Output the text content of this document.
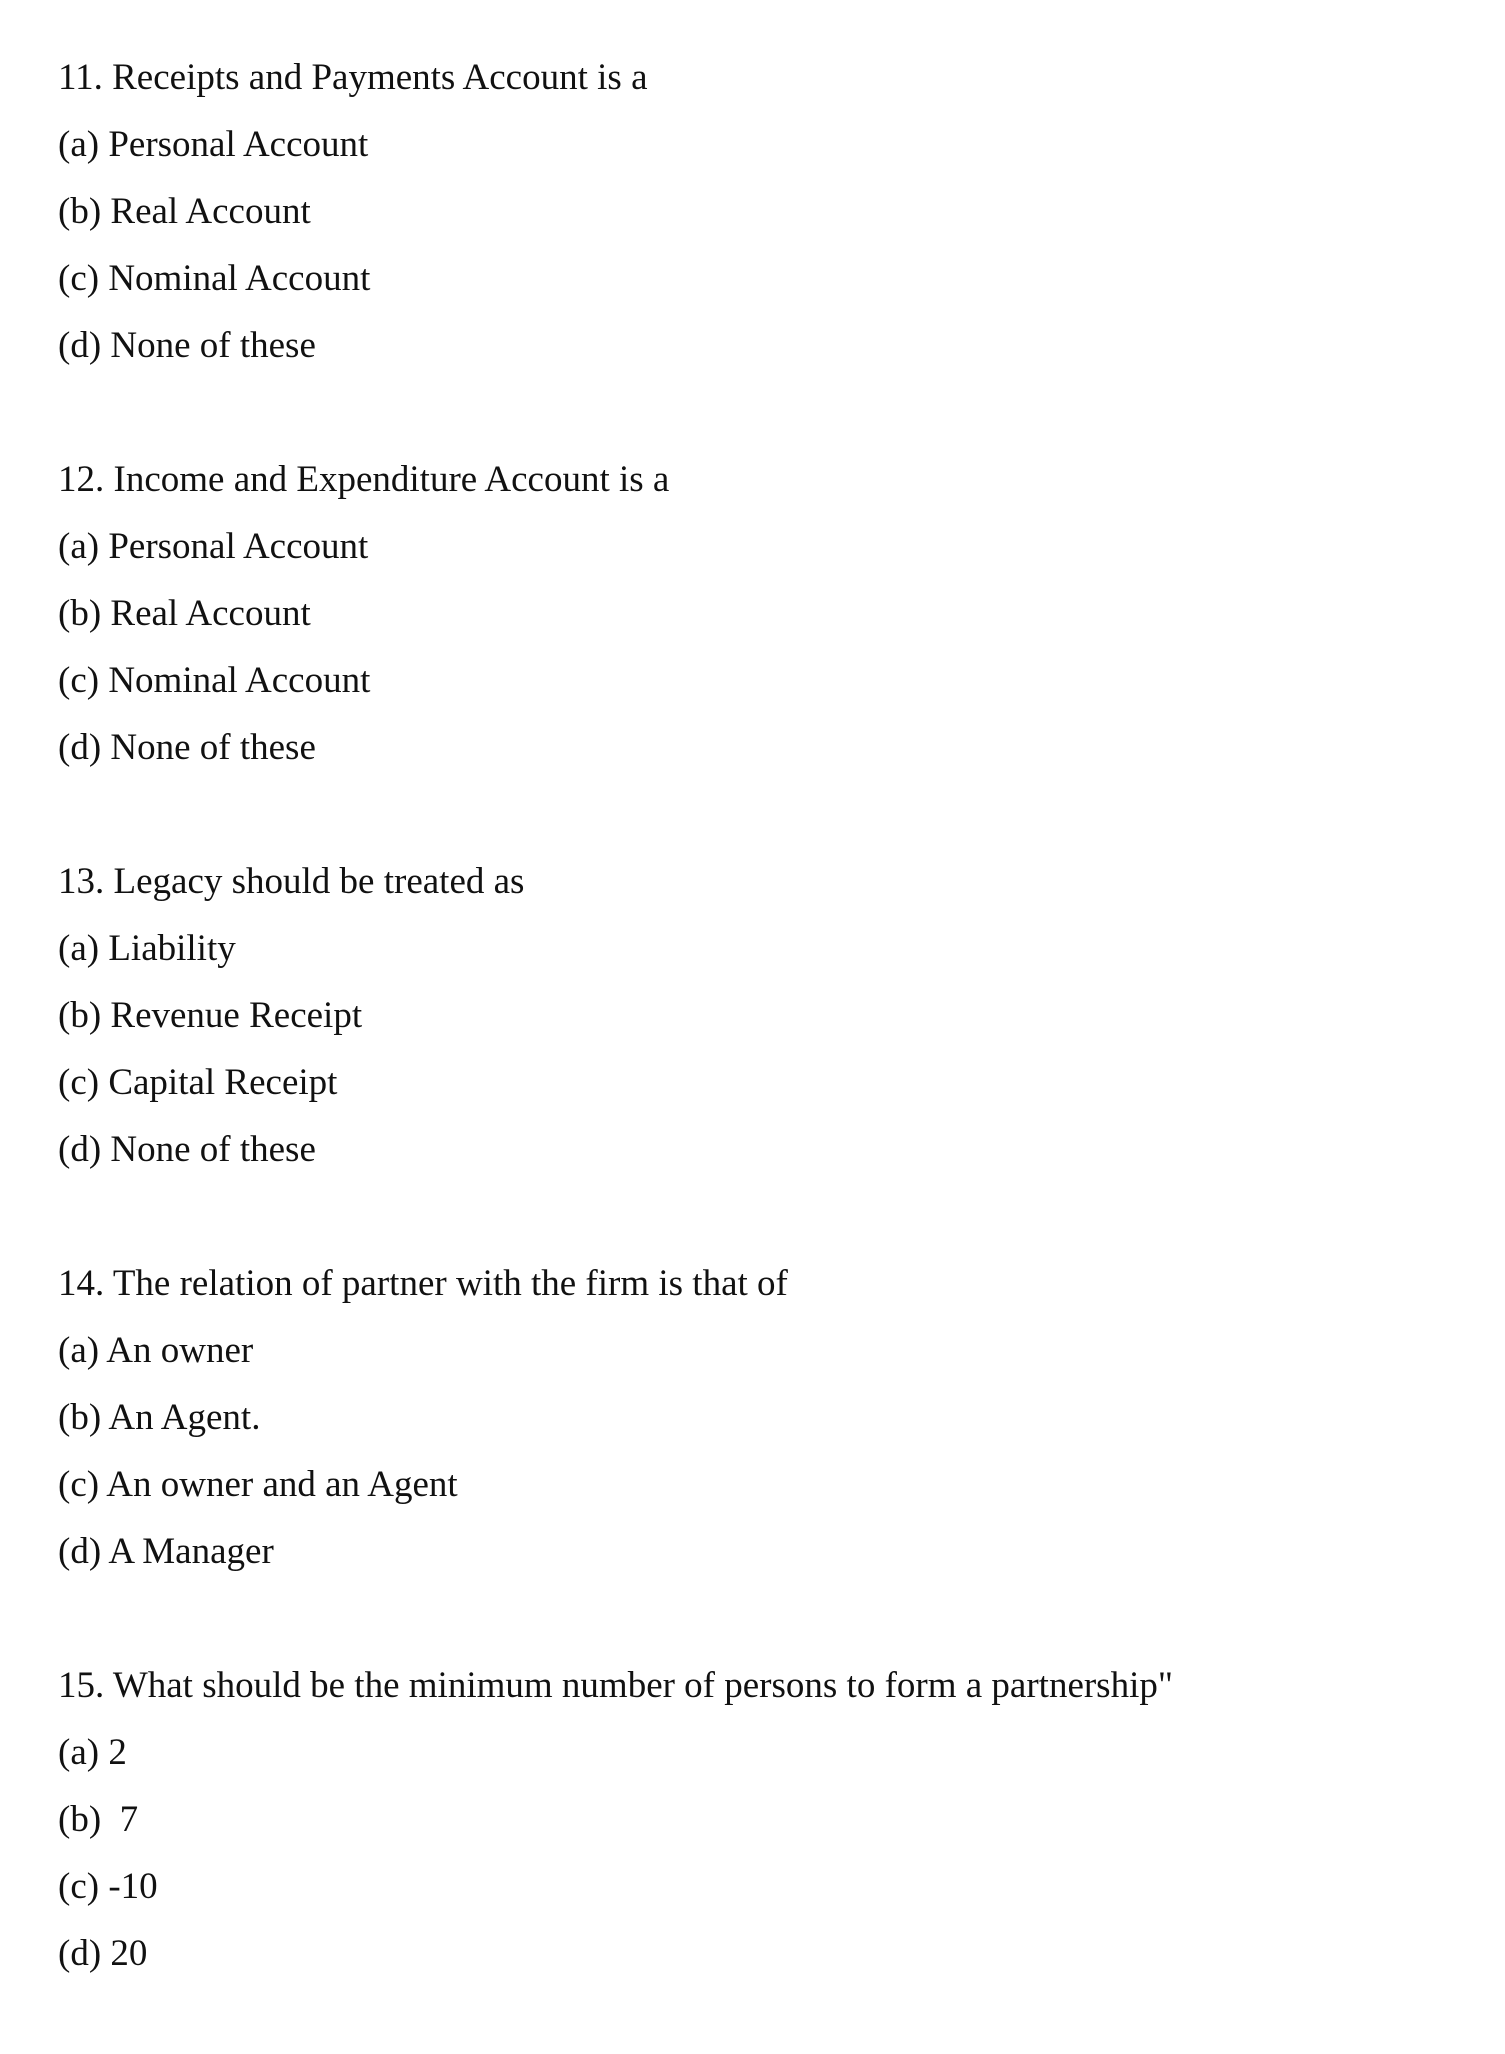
11. Receipts and Payments Account is a
(a) Personal Account
(b) Real Account
(c) Nominal Account
(d) None of these
12. Income and Expenditure Account is a
(a) Personal Account
(b) Real Account
(c) Nominal Account
(d) None of these
13. Legacy should be treated as
(a) Liability
(b) Revenue Receipt
(c) Capital Receipt
(d) None of these
14. The relation of partner with the firm is that of
(a) An owner
(b) An Agent.
(c) An owner and an Agent
(d) A Manager
15. What should be the minimum number of persons to form a partnership"
(a) 2
(b)  7
(c) -10
(d) 20
